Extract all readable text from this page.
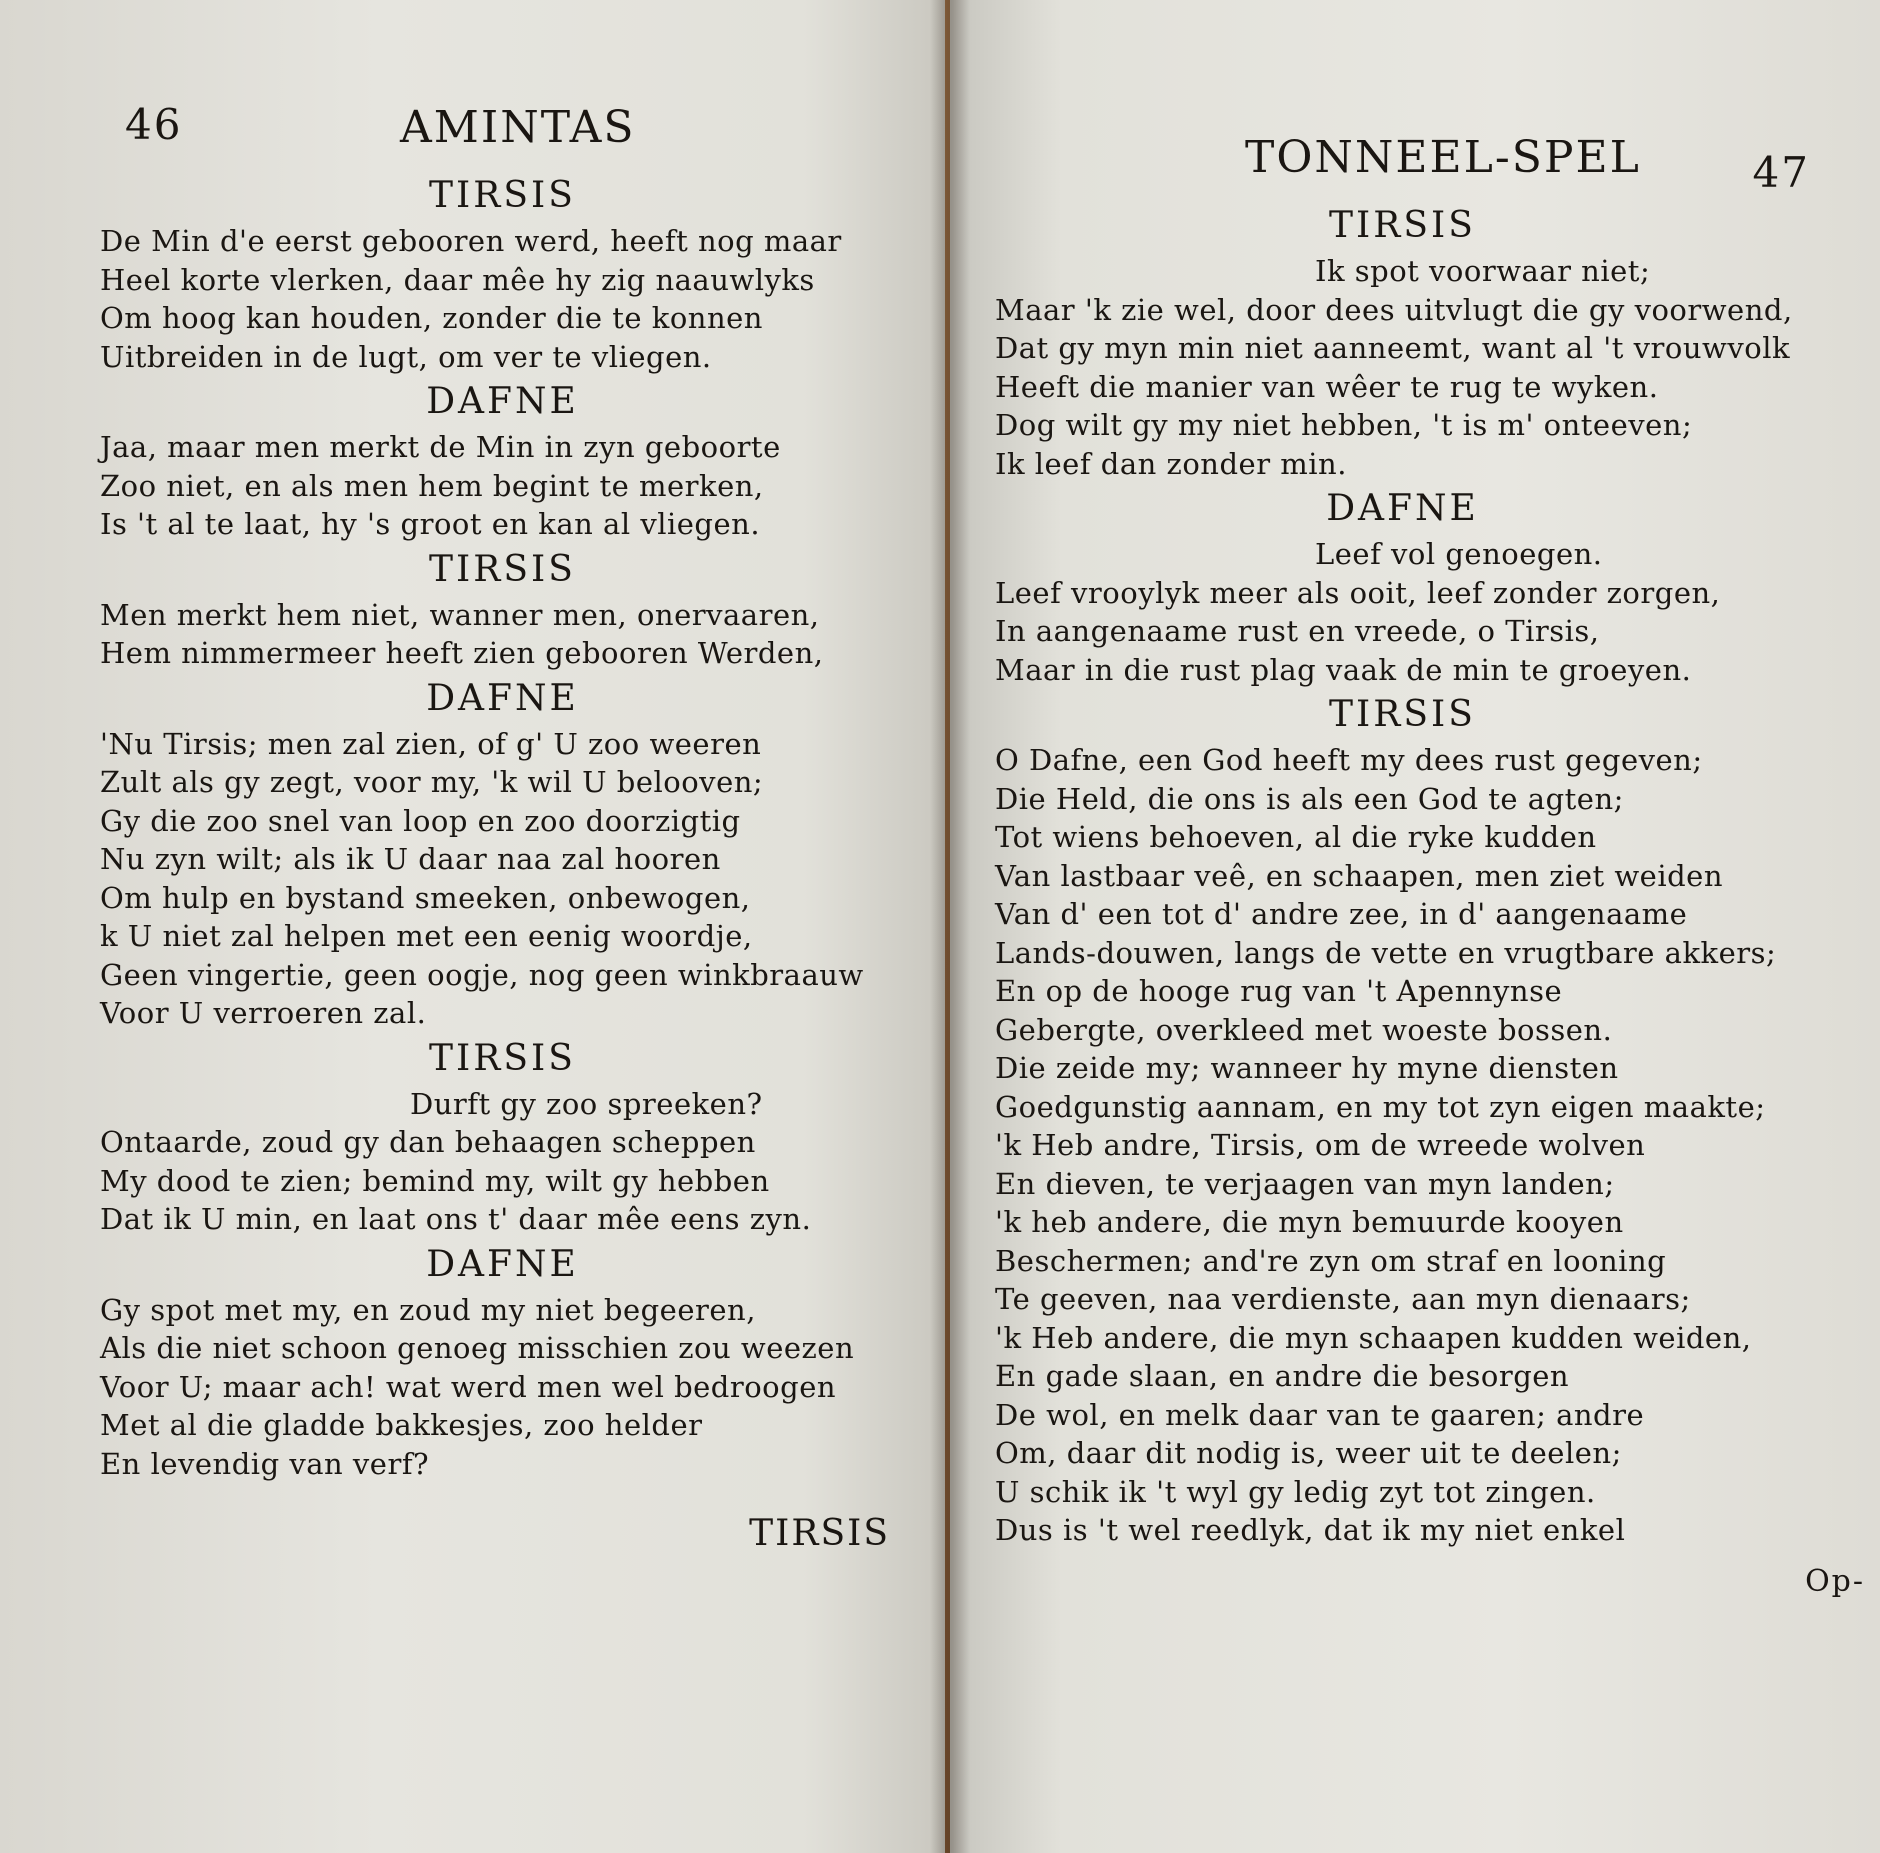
46	AMINTAS
TIRSIS
De Min d'e eerst gebooren werd, heeft nog maar
Heel korte vlerken, daar mêe hy zig naauwlyks
Om hoog kan houden, zonder die te konnen
Uitbreiden in de lugt, om ver te vliegen.
DAFNE
Jaa, maar men merkt de Min in zyn geboorte
Zoo niet, en als men hem begint te merken,
Is 't al te laat, hy 's groot en kan al vliegen.
TIRSIS
Men merkt hem niet, wanner men, onervaaren,
Hem nimmermeer heeft zien gebooren Werden,
DAFNE
'Nu Tirsis; men zal zien, of g' U zoo weeren
Zult als gy zegt, voor my, 'k wil U belooven;
Gy die zoo snel van loop en zoo doorzigtig
Nu zyn wilt; als ik U daar naa zal hooren
Om hulp en bystand smeeken, onbewogen,
k U niet zal helpen met een eenig woordje,
Geen vingertie, geen oogje, nog geen winkbraauw
Voor U verroeren zal.
TIRSIS
Durft gy zoo spreeken?
Ontaarde, zoud gy dan behaagen scheppen
My dood te zien; bemind my, wilt gy hebben
Dat ik U min, en laat ons t' daar mêe eens zyn.
DAFNE
Gy spot met my, en zoud my niet begeeren,
Als die niet schoon genoeg misschien zou weezen
Voor U; maar ach! wat werd men wel bedroogen
Met al die gladde bakkesjes, zoo helder
En levendig van verf?
TIRSIS
TONNEEL-SPEL	47
TIRSIS
Ik spot voorwaar niet;
Maar 'k zie wel, door dees uitvlugt die gy voorwend,
Dat gy myn min niet aanneemt, want al 't vrouwvolk
Heeft die manier van wêer te rug te wyken.
Dog wilt gy my niet hebben, 't is m' onteeven;
Ik leef dan zonder min.
DAFNE
Leef vol genoegen.
Leef vrooylyk meer als ooit, leef zonder zorgen,
In aangenaame rust en vreede, o Tirsis,
Maar in die rust plag vaak de min te groeyen.
TIRSIS
O Dafne, een God heeft my dees rust gegeven;
Die Held, die ons is als een God te agten;
Tot wiens behoeven, al die ryke kudden
Van lastbaar veê, en schaapen, men ziet weiden
Van d' een tot d' andre zee, in d' aangenaame
Lands-douwen, langs de vette en vrugtbare akkers;
En op de hooge rug van 't Apennynse
Gebergte, overkleed met woeste bossen.
Die zeide my; wanneer hy myne diensten
Goedgunstig aannam, en my tot zyn eigen maakte;
'k Heb andre, Tirsis, om de wreede wolven
En dieven, te verjaagen van myn landen;
'k heb andere, die myn bemuurde kooyen
Beschermen; and're zyn om straf en looning
Te geeven, naa verdienste, aan myn dienaars;
'k Heb andere, die myn schaapen kudden weiden,
En gade slaan, en andre die besorgen
De wol, en melk daar van te gaaren; andre
Om, daar dit nodig is, weer uit te deelen;
U schik ik 't wyl gy ledig zyt tot zingen.
Dus is 't wel reedlyk, dat ik my niet enkel
Op-
